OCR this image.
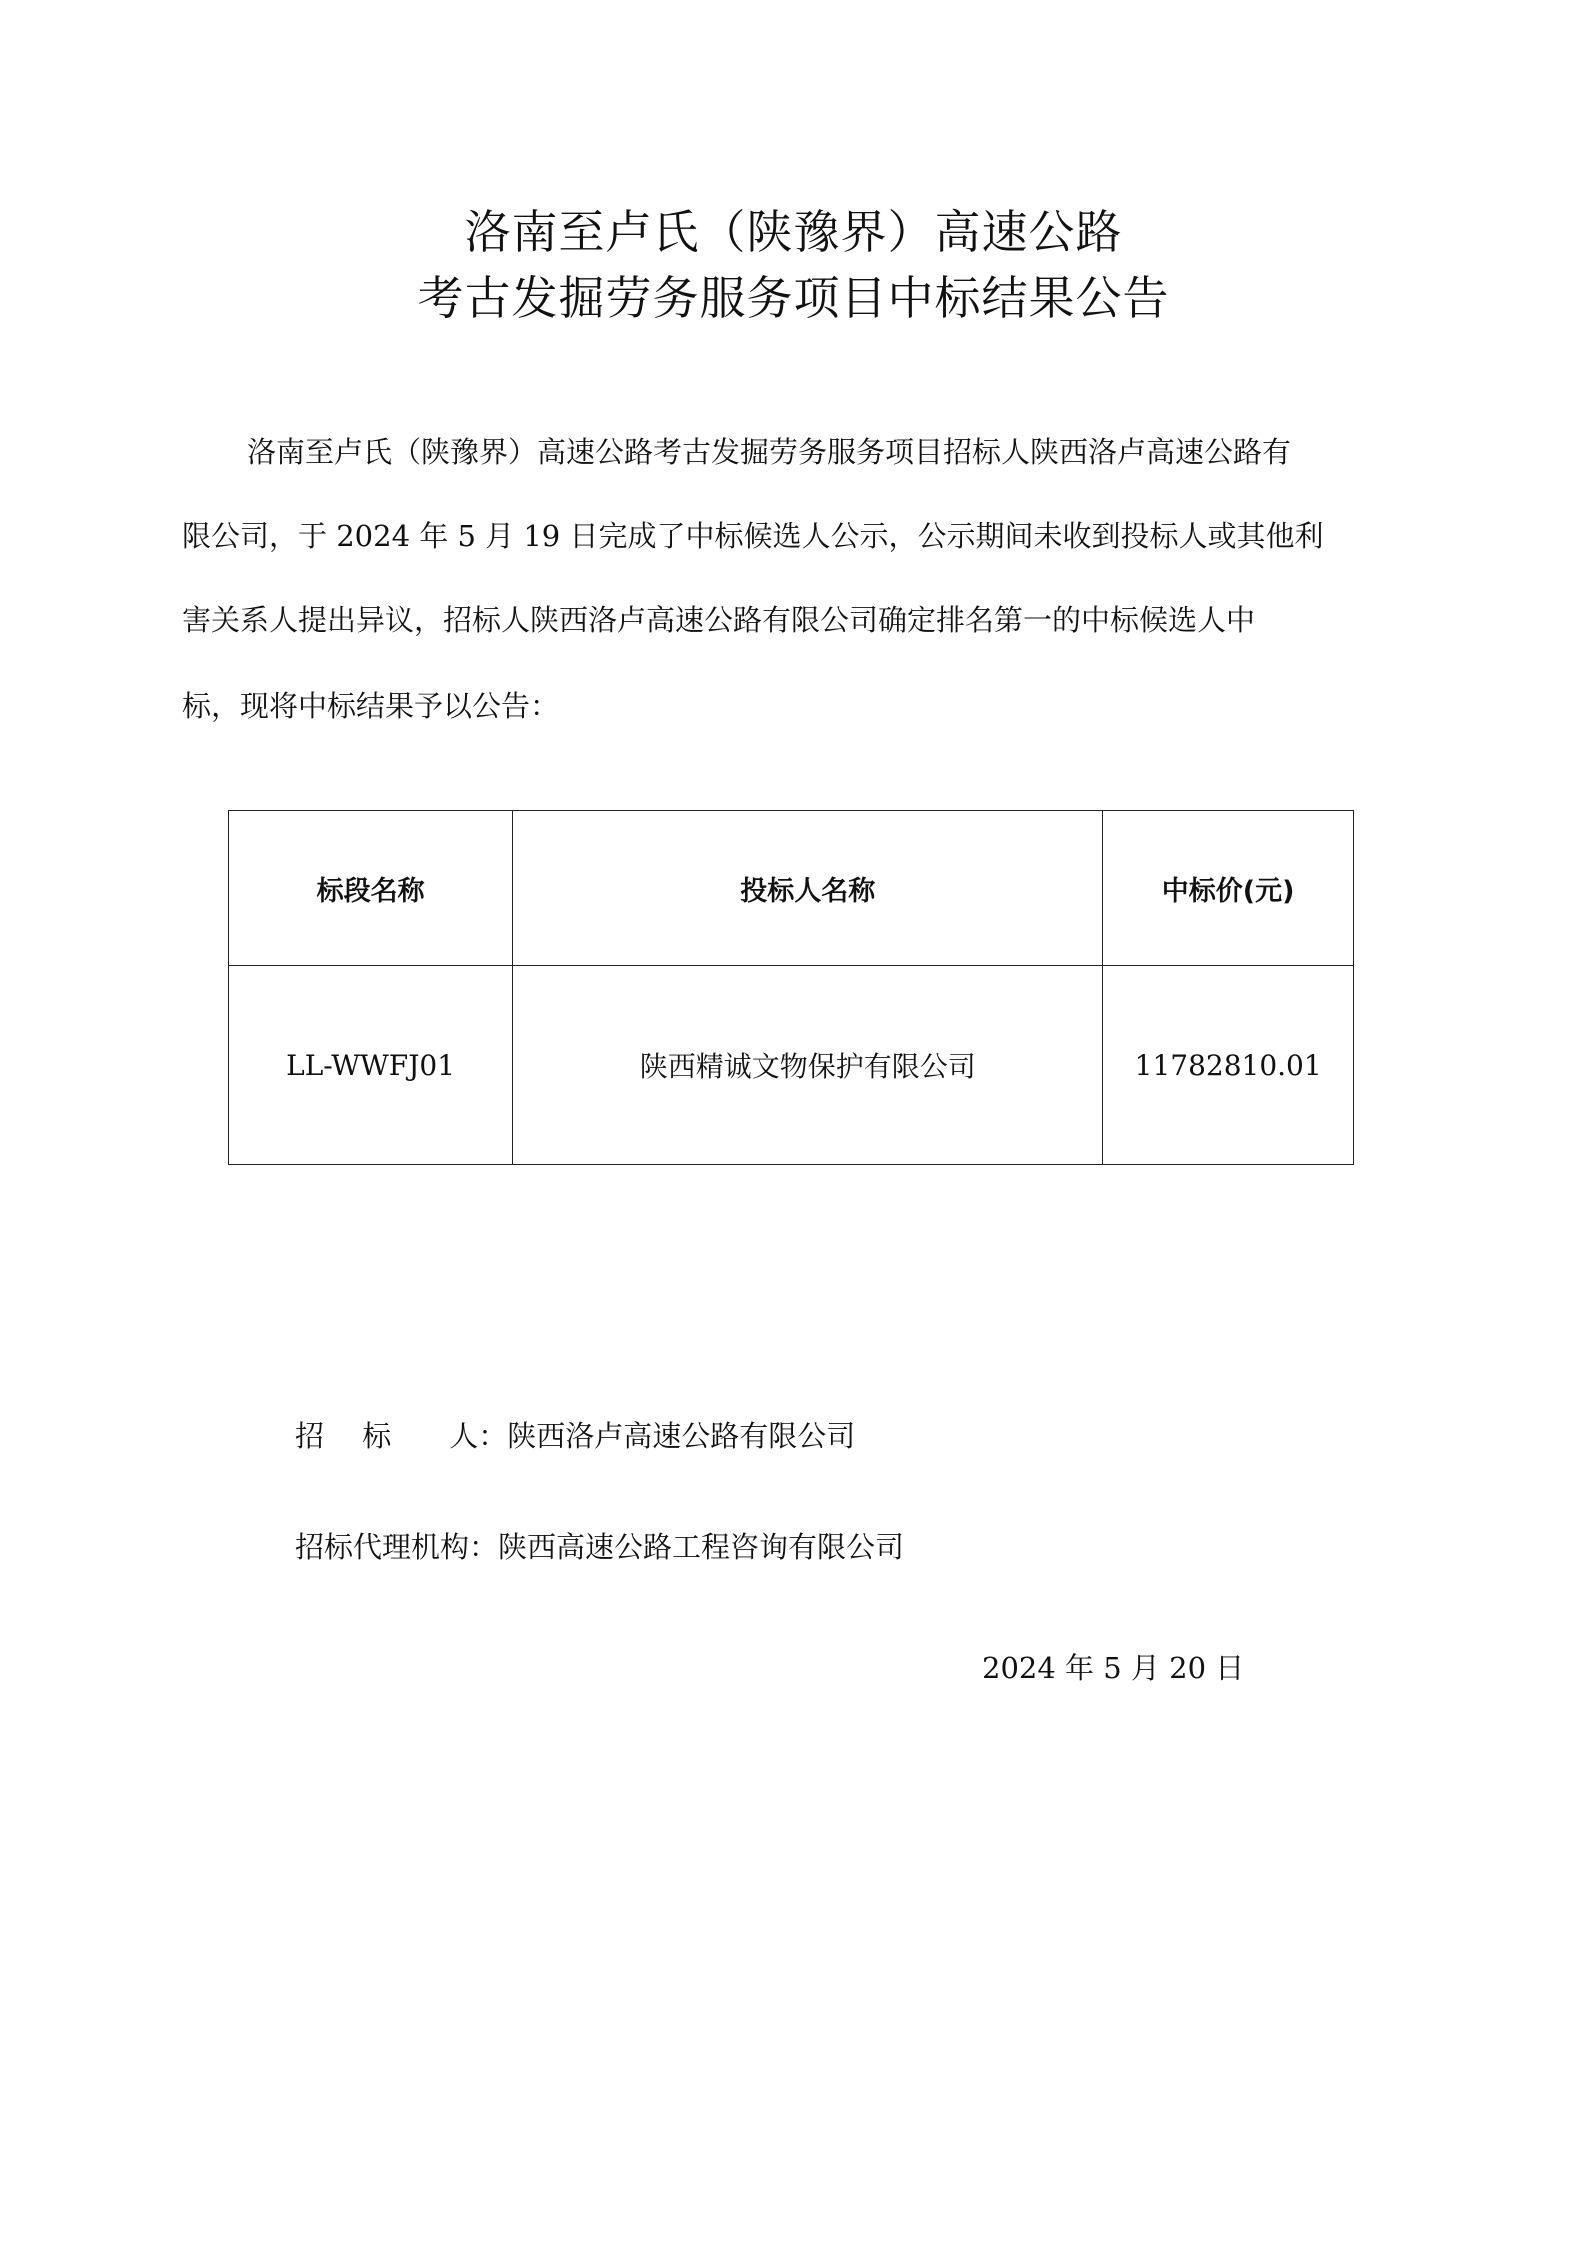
洛南至卢氏（陕豫界）高速公路
考古发掘劳务服务项目中标结果公告
洛南至卢氏（陕豫界）高速公路考古发掘劳务服务项目招标人陕西洛卢高速公路有
限公司，于 2024 年 5 月 19 日完成了中标候选人公示，公示期间未收到投标人或其他利
害关系人提出异议，招标人陕西洛卢高速公路有限公司确定排名第一的中标候选人中
标，现将中标结果予以公告：
标段名称	投标人名称	中标价(元)
LL-WWFJ01	陕西精诚文物保护有限公司	11782810.01
招　 标　　人：陕西洛卢高速公路有限公司
招标代理机构：陕西高速公路工程咨询有限公司
2024 年 5 月 20 日
